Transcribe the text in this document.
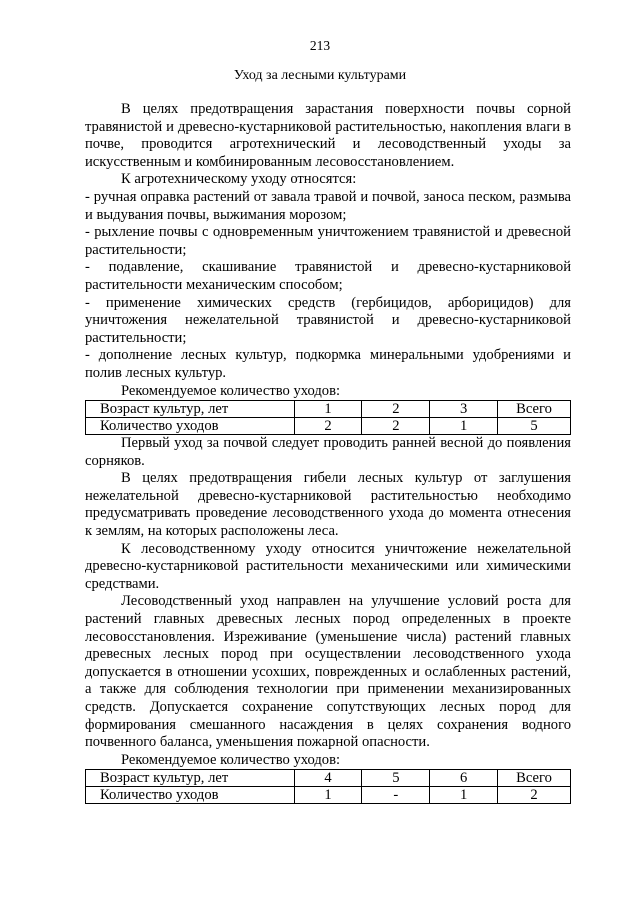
213
Уход за лесными культурами

В целях предотвращения зарастания поверхности почвы сорной травянистой и древесно-кустарниковой растительностью, накопления влаги в почве, проводится агротехнический и лесоводственный уходы за искусственным и комбинированным лесовосстановлением.

К агротехническому уходу относятся:

- ручная оправка растений от завала травой и почвой, заноса песком, размыва и выдувания почвы, выжимания морозом;

- рыхление почвы с одновременным уничтожением травянистой и древесной растительности;

- подавление, скашивание травянистой и древесно-кустарниковой растительности механическим способом;

- применение химических средств (гербицидов, арборицидов) для уничтожения нежелательной травянистой и древесно-кустарниковой растительности;

- дополнение лесных культур, подкормка минеральными удобрениями и полив лесных культур.

Рекомендуемое количество уходов:

Возраст культур, лет	1	2	3	Всего
Количество уходов	2	2	1	5

Первый уход за почвой следует проводить ранней весной до появления сорняков.

В целях предотвращения гибели лесных культур от заглушения нежелательной древесно-кустарниковой растительностью необходимо предусматривать проведение лесоводственного ухода до момента отнесения к землям, на которых расположены леса.

К лесоводственному уходу относится уничтожение нежелательной древесно-кустарниковой растительности механическими или химическими средствами.

Лесоводственный уход направлен на улучшение условий роста для растений главных древесных лесных пород определенных в проекте лесовосстановления. Изреживание (уменьшение числа) растений главных древесных лесных пород при осуществлении лесоводственного ухода допускается в отношении усохших, поврежденных и ослабленных растений, а также для соблюдения технологии при применении механизированных средств. Допускается сохранение сопутствующих лесных пород для формирования смешанного насаждения в целях сохранения водного почвенного баланса, уменьшения пожарной опасности.

Рекомендуемое количество уходов:

Возраст культур, лет	4	5	6	Всего
Количество уходов	1	-	1	2
